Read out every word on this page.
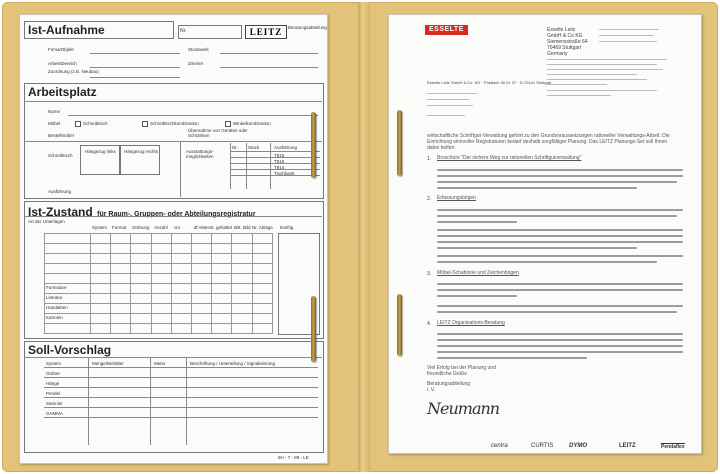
Ist-Aufnahme	Nr.	LEITZ	Beratungsabteilung
Firma/Objekt
Arbeitsbereich
Zuordnung (z.B. Neubau)
Stockwerk
Zimmer
Arbeitsplatz
Name
Möbel	Schreibtisch	Schreibtischkombination	Winkelkombination
Bestellmöbel
Übernahme von Geräten oder Schränken
Schreibtisch
Hängezug links Hängezug rechts
Ausführung
Ausstattungs-möglichkeiten
Nr. Stück	Ausführung
T915
T916
T914
Tischbank
Ist-Zustand für Raum-, Gruppen- oder Abteilungsregistratur
Art der Unterlagen
System Format Ordnung Anzahl cm	Ø Aktenst. gehaltet Bitt. Bild Nr. Abläge künftig
Formulare
Literatur
Handakten
Kartoien
Soll-Vorschlag
System	Menge/Behälter	Meter	Beschriftung / Unterteilung / Signalisierung
Ordner
Hänge
Pendel
Samnier
GAMMA
8H - 7 - 89 - LE
ESSELTE	Esselte Leitz
GmbH & Co KG
Siemensstraße 64
70469 Stuttgart
Germany
Esselte Leitz GmbH & Co. KG · Postfach 30 01 37 · D-70441 Stuttgart
wirtschaftliche Schriftgut-Verwaltung gehört zu den Grundvoraussetzungen rationeller Verwaltungs-Arbeit. Die Einrichtung sinnvoller Registraturen bedarf deshalb sorgfältiger Planung. Das LEITZ Planungs-Set soll Ihnen dabei helfen:
1. Broschüre "Der sichere Weg zur rationellen Schriftgutverwaltung"
2. Erfassungsbögen
3. Möbel-Schablone und Zeichenbogen
4. LEITZ Organisations-Beratung
Viel Erfolg bei der Planung und
freundliche Grüße
Beratungsabteilung
i. V.
Neumann
centra	CURTIS	DYMO	LEITZ	Pendaflex
